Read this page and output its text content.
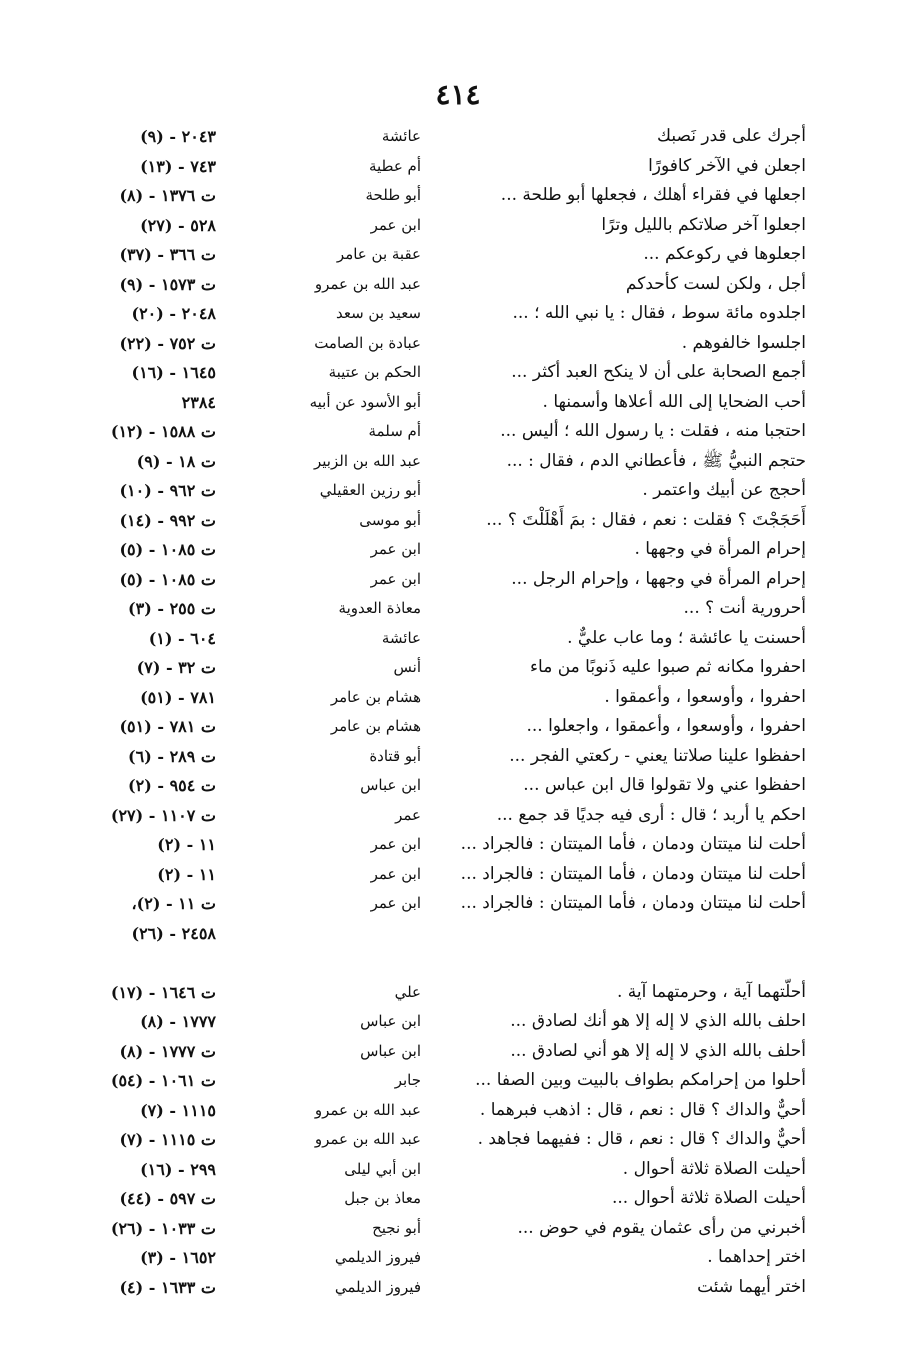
٤١٤
أجرك على قدر نَصبك
عائشة
٢٠٤٣ - (٩)
اجعلن في الآخر كافورًا
أم عطية
٧٤٣ - (١٣)
اجعلها في فقراء أهلك ، فجعلها أبو طلحة ...
أبو طلحة
ت ١٣٧٦ - (٨)
اجعلوا آخر صلاتكم بالليل وترًا
ابن عمر
٥٢٨ - (٢٧)
اجعلوها في ركوعكم ...
عقبة بن عامر
ت ٣٦٦ - (٣٧)
أجل ، ولكن لست كأحدكم
عبد الله بن عمرو
ت ١٥٧٣ - (٩)
اجلدوه مائة سوط ، فقال : يا نبي الله ؛ ...
سعيد بن سعد
٢٠٤٨ - (٢٠)
اجلسوا خالفوهم .
عبادة بن الصامت
ت ٧٥٢ - (٢٢)
أجمع الصحابة على أن لا ينكح العبد أكثر ...
الحكم بن عتيبة
١٦٤٥ - (١٦)
أحب الضحايا إلى الله أعلاها وأسمنها .
أبو الأسود عن أبيه
٢٣٨٤
احتجبا منه ، فقلت : يا رسول الله ؛ أليس ...
أم سلمة
ت ١٥٨٨ - (١٢)
حتجم النبيُّ ﷺ ، فأعطاني الدم ، فقال : ...
عبد الله بن الزبير
ت ١٨ - (٩)
أحجج عن أبيك واعتمر .
أبو رزين العقيلي
ت ٩٦٢ - (١٠)
أَحَجَجْتَ ؟ فقلت : نعم ، فقال : بمَ أَهْلَلْتَ ؟ ...
أبو موسى
ت ٩٩٢ - (١٤)
إحرام المرأة في وجهها .
ابن عمر
ت ١٠٨٥ - (٥)
إحرام المرأة في وجهها ، وإحرام الرجل ...
ابن عمر
ت ١٠٨٥ - (٥)
أحرورية أنت ؟ ...
معاذة العدوية
ت ٢٥٥ - (٣)
أحسنت يا عائشة ؛ وما عاب عليٌّ .
عائشة
٦٠٤ - (١)
احفروا مكانه ثم صبوا عليه ذَنوبًا من ماء
أنس
ت ٣٢ - (٧)
احفروا ، وأوسعوا ، وأعمقوا .
هشام بن عامر
٧٨١ - (٥١)
احفروا ، وأوسعوا ، وأعمقوا ، واجعلوا ...
هشام بن عامر
ت ٧٨١ - (٥١)
احفظوا علينا صلاتنا يعني - ركعتي الفجر ...
أبو قتادة
ت ٢٨٩ - (٦)
احفظوا عني ولا تقولوا قال ابن عباس ...
ابن عباس
ت ٩٥٤ - (٢)
احكم يا أربد ؛ قال : أرى فيه جديًا قد جمع ...
عمر
ت ١١٠٧ - (٢٧)
أحلت لنا ميتتان ودمان ، فأما الميتتان : فالجراد ...
ابن عمر
١١ - (٢)
أحلت لنا ميتتان ودمان ، فأما الميتتان : فالجراد ...
ابن عمر
١١ - (٢)
أحلت لنا ميتتان ودمان ، فأما الميتتان : فالجراد ...
ابن عمر
ت ١١ - (٢)،
٢٤٥٨ - (٢٦)
أحلّتهما آية ، وحرمتهما آية .
علي
ت ١٦٤٦ - (١٧)
احلف بالله الذي لا إله إلا هو أنك لصادق ...
ابن عباس
١٧٧٧ - (٨)
أحلف بالله الذي لا إله إلا هو أني لصادق ...
ابن عباس
ت ١٧٧٧ - (٨)
أحلوا من إحرامكم بطواف بالبيت وبين الصفا ...
جابر
ت ١٠٦١ - (٥٤)
أحيٌّ والداك ؟ قال : نعم ، قال : اذهب فبرهما .
عبد الله بن عمرو
١١١٥ - (٧)
أحيٌّ والداك ؟ قال : نعم ، قال : ففيهما فجاهد .
عبد الله بن عمرو
ت ١١١٥ - (٧)
أحيلت الصلاة ثلاثة أحوال .
ابن أبي ليلى
٢٩٩ - (١٦)
أحيلت الصلاة ثلاثة أحوال ...
معاذ بن جبل
ت ٥٩٧ - (٤٤)
أخبرني من رأى عثمان يقوم في حوض ...
أبو نجيح
ت ١٠٣٣ - (٢٦)
اختر إحداهما .
فيروز الديلمي
١٦٥٢ - (٣)
اختر أيهما شئت
فيروز الديلمي
ت ١٦٣٣ - (٤)
